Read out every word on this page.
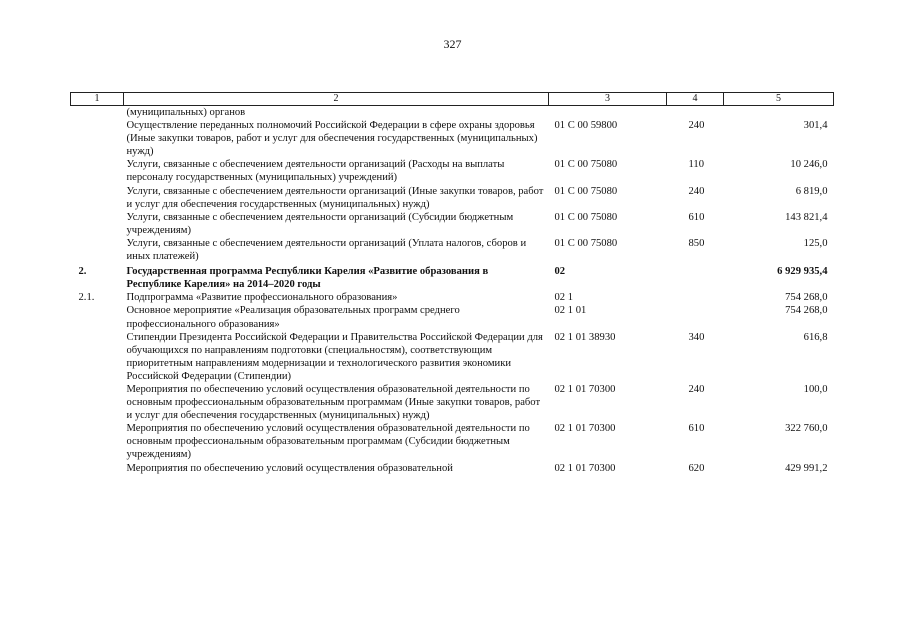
327
1	2	3	4	5
	(муниципальных) органов			
	Осуществление переданных полномочий Российской Федерации в сфере охраны здоровья (Иные закупки товаров, работ и услуг для обеспечения государственных (муниципальных) нужд)	01 С 00 59800	240	301,4
	Услуги, связанные с обеспечением деятельности организаций (Расходы на выплаты персоналу государственных (муниципальных) учреждений)	01 С 00 75080	110	10 246,0
	Услуги, связанные с обеспечением деятельности организаций (Иные закупки товаров, работ и услуг для обеспечения государственных (муниципальных) нужд)	01 С 00 75080	240	6 819,0
	Услуги, связанные с обеспечением деятельности организаций (Субсидии бюджетным учреждениям)	01 С 00 75080	610	143 821,4
	Услуги, связанные с обеспечением деятельности организаций (Уплата налогов, сборов и иных платежей)	01 С 00 75080	850	125,0
2.	Государственная программа Республики Карелия «Развитие образования в Республике Карелия» на 2014–2020 годы	02		6 929 935,4
2.1.	Подпрограмма «Развитие профессионального образования»	02 1		754 268,0
	Основное мероприятие «Реализация образовательных программ среднего профессионального образования»	02 1 01		754 268,0
	Стипендии Президента Российской Федерации и Правительства Российской Федерации для обучающихся по направлениям подготовки (специальностям), соответствующим приоритетным направлениям модернизации и технологического развития экономики Российской Федерации (Стипендии)	02 1 01 38930	340	616,8
	Мероприятия по обеспечению условий осуществления образовательной деятельности по основным профессиональным образовательным программам (Иные закупки товаров, работ и услуг для обеспечения государственных (муниципальных) нужд)	02 1 01 70300	240	100,0
	Мероприятия по обеспечению условий осуществления образовательной деятельности по основным профессиональным образовательным программам (Субсидии бюджетным учреждениям)	02 1 01 70300	610	322 760,0
	Мероприятия по обеспечению условий осуществления образовательной	02 1 01 70300	620	429 991,2
